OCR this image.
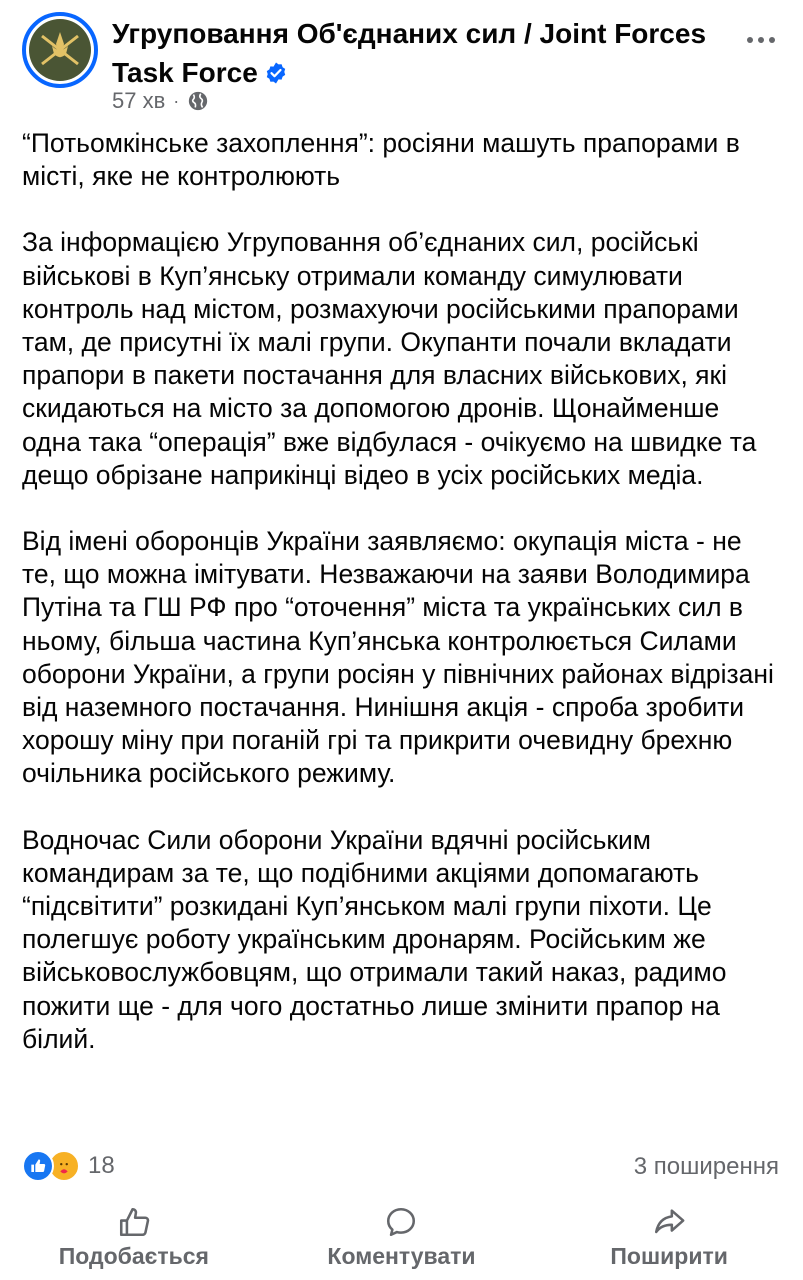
Угруповання Об'єднаних сил / Joint Forces Task Force
57 хв ·

“Потьомкінське захоплення”: росіяни машуть прапорами в місті, яке не контролюють

За інформацією Угруповання об’єднаних сил, російські військові в Куп’янську отримали команду симулювати контроль над містом, розмахуючи російськими прапорами там, де присутні їх малі групи. Окупанти почали вкладати прапори в пакети постачання для власних військових, які скидаються на місто за допомогою дронів. Щонайменше одна така “операція” вже відбулася - очікуємо на швидке та дещо обрізане наприкінці відео в усіх російських медіа.

Від імені оборонців України заявляємо: окупація міста - не те, що можна імітувати. Незважаючи на заяви Володимира Путіна та ГШ РФ про “оточення” міста та українських сил в ньому, більша частина Куп’янська контролюється Силами оборони України, а групи росіян у північних районах відрізані від наземного постачання. Нинішня акція - спроба зробити хорошу міну при поганій грі та прикрити очевидну брехню очільника російського режиму.

Водночас Сили оборони України вдячні російським командирам за те, що подібними акціями допомагають “підсвітити” розкидані Куп’янськом малі групи піхоти. Це полегшує роботу українським дронарям. Російським же військовослужбовцям, що отримали такий наказ, радимо пожити ще - для чого достатньо лише змінити прапор на білий.

18	3 поширення
Подобається	Коментувати	Поширити
